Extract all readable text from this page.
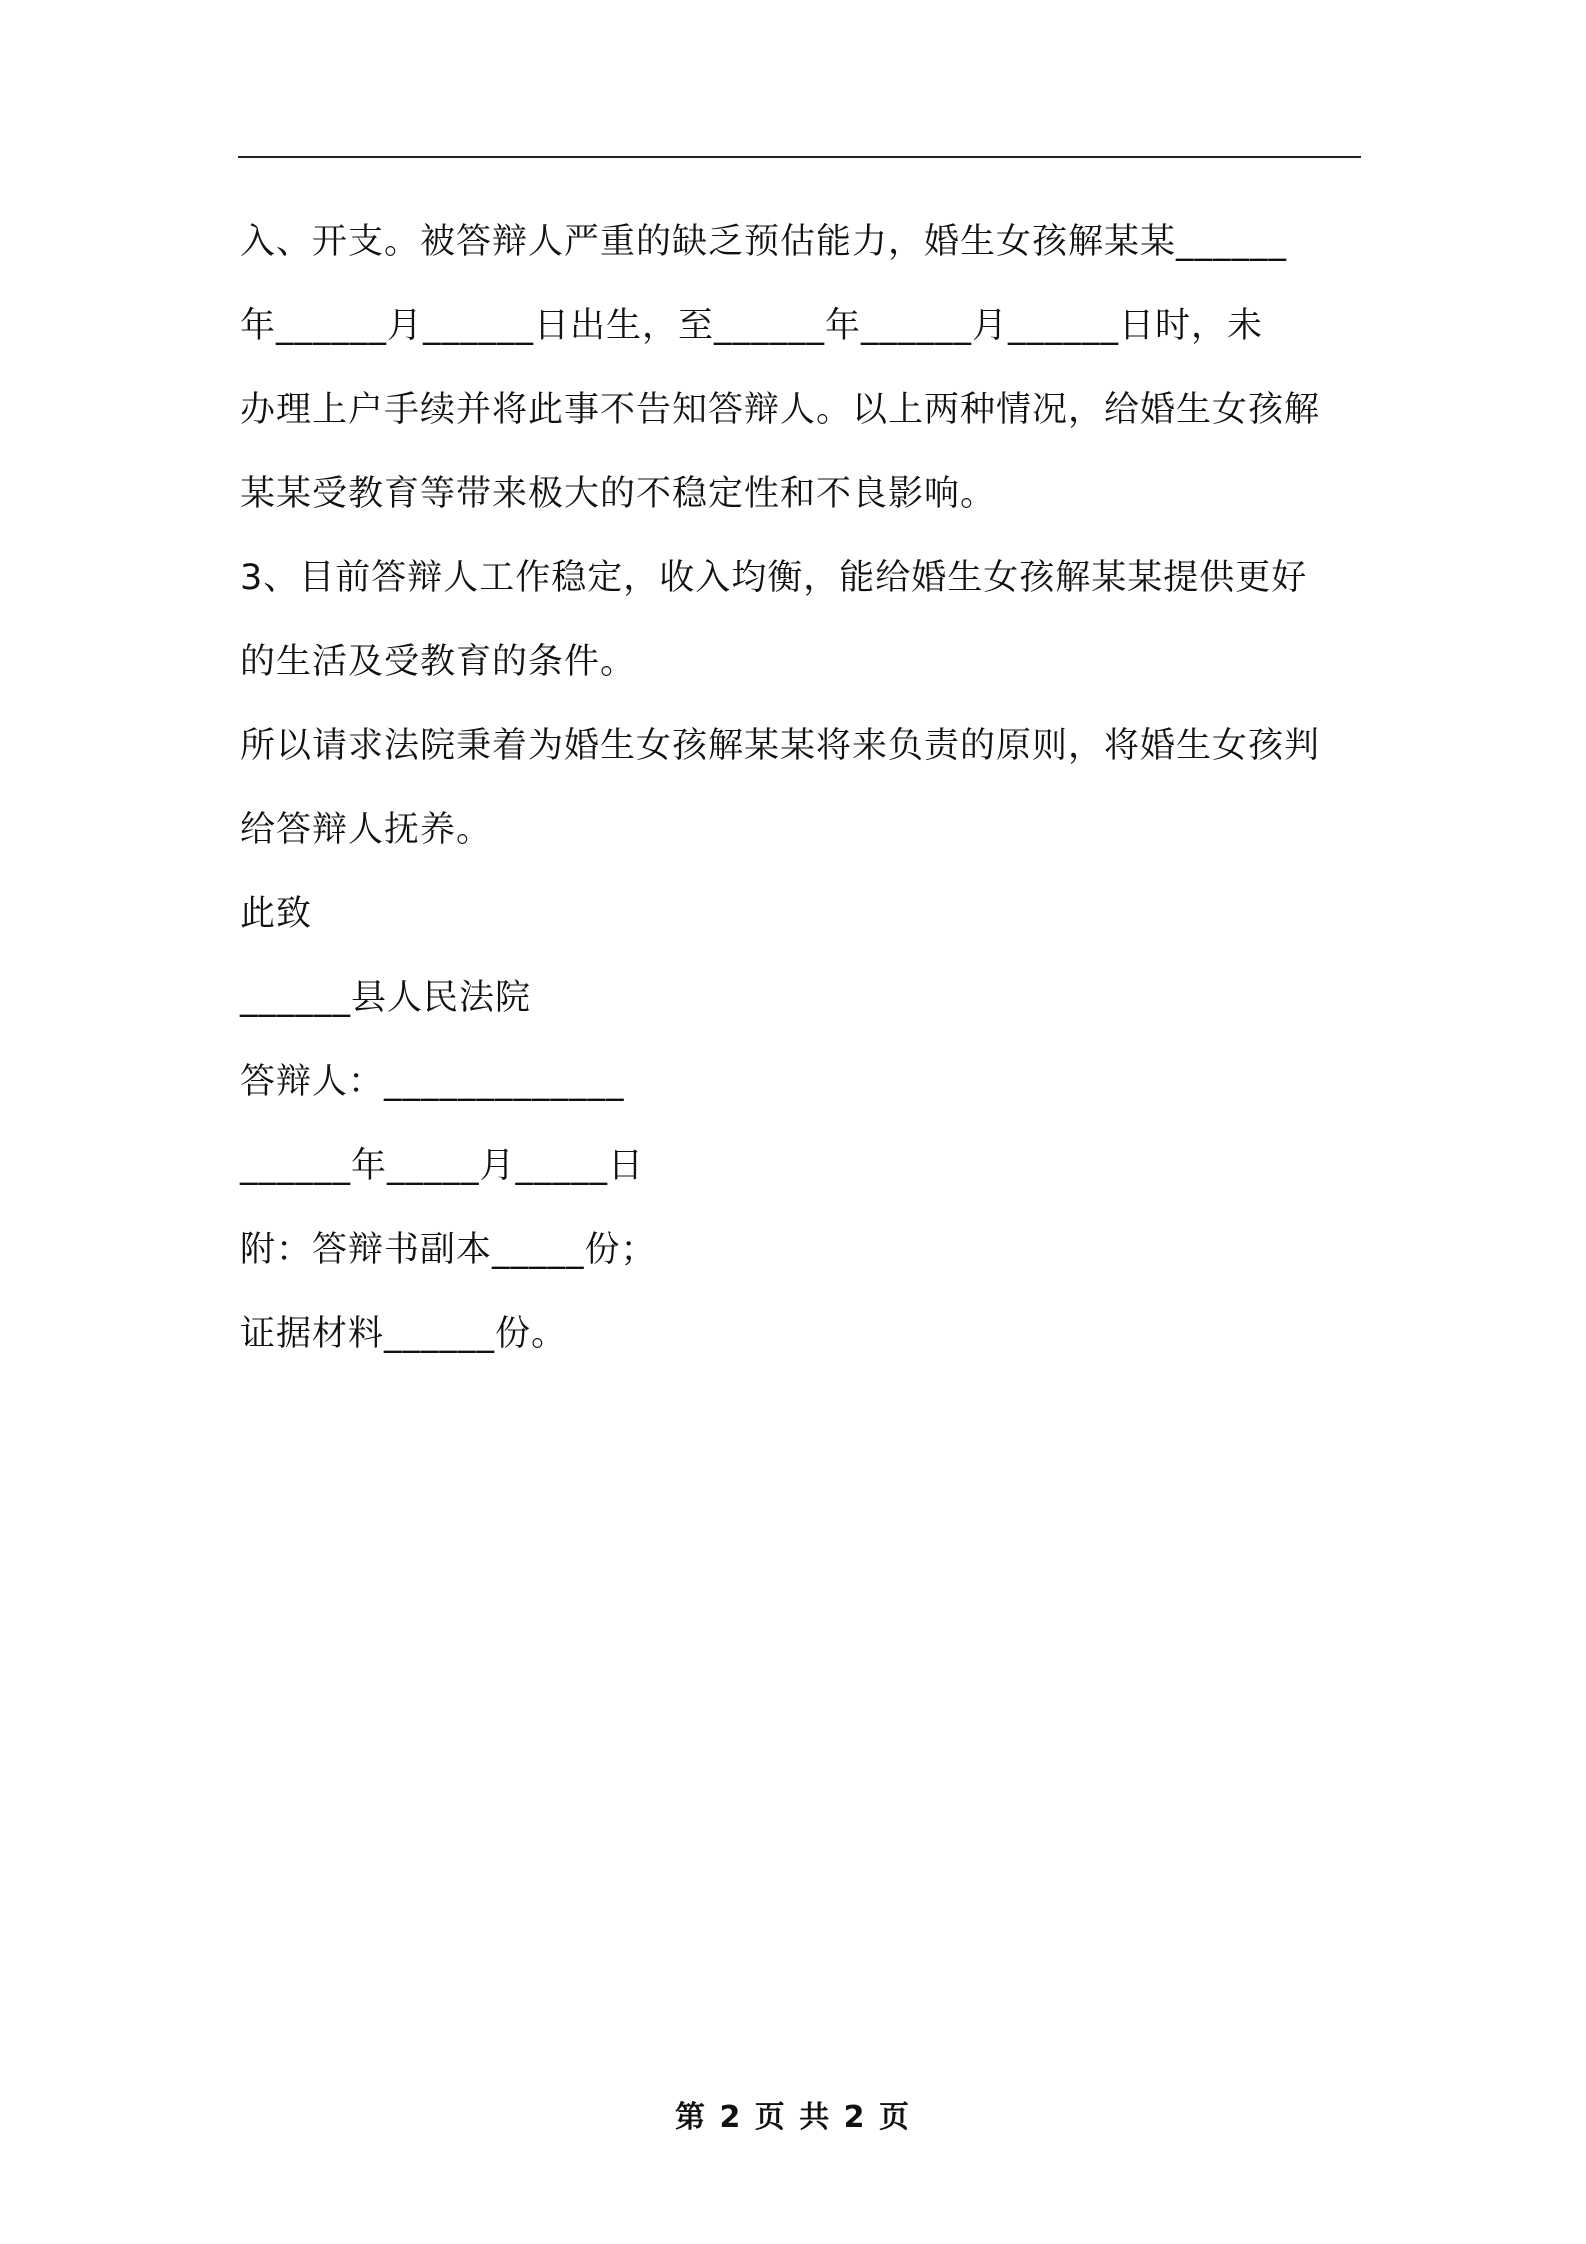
入、开支。被答辩人严重的缺乏预估能力，婚生女孩解某某______

年______月______日出生，至______年______月______日时，未

办理上户手续并将此事不告知答辩人。以上两种情况，给婚生女孩解

某某受教育等带来极大的不稳定性和不良影响。

3、目前答辩人工作稳定，收入均衡，能给婚生女孩解某某提供更好

的生活及受教育的条件。

所以请求法院秉着为婚生女孩解某某将来负责的原则，将婚生女孩判

给答辩人抚养。

此致

______县人民法院

答辩人：_____________

______年_____月_____日

附：答辩书副本_____份；

证据材料______份。

第 2 页 共 2 页
